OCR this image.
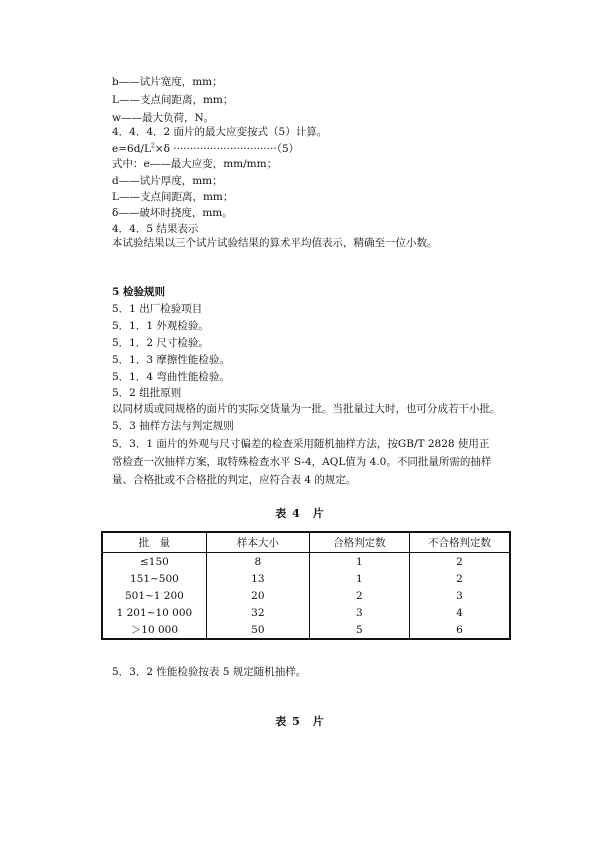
b——试片宽度，mm；
L——支点间距离，mm；
w——最大负荷，N。
4．4．4．2 面片的最大应变按式（5）计算。
$e=6d/L^2\times\delta \cdot\cdot\cdot\cdot\cdot\cdot\cdot\cdot\cdot\cdot\cdot\cdot\cdot\cdot\cdot\cdot\cdot\cdot\cdot\cdot\cdot\cdot\cdot\cdot\cdot\cdot\cdot\cdot\cdot\cdot\cdot(5)$
式中：e——最大应变，mm/mm；
d——试片厚度，mm；
L——支点间距离，mm；
δ——破坏时挠度，mm。
4．4．5 结果表示
本试验结果以三个试片试验结果的算术平均值表示，精确至一位小数。
5 检验规则
5．1 出厂检验项目
5．1．1 外观检验。
5．1．2 尺寸检验。
5．1．3 摩擦性能检验。
5．1．4 弯曲性能检验。
5．2 组批原则
以同材质或同规格的面片的实际交货量为一批。当批量过大时，也可分成若干小批。
5．3 抽样方法与判定规则
5．3．1 面片的外观与尺寸偏差的检查采用随机抽样方法，按GB/T 2828 使用正常检查一次抽样方案，取特殊检查水平 S-4，AQL值为 4.0。不同批量所需的抽样量、合格批或不合格批的判定，应符合表 4 的规定。
表 4　片
批　量	样本大小	合格判定数	不合格判定数
≤150	8	1	2
151~500	13	1	2
501~1 200	20	2	3
1 201~10 000	32	3	4
＞10 000	50	5	6
5．3．2 性能检验按表 5 规定随机抽样。
表 5　片
